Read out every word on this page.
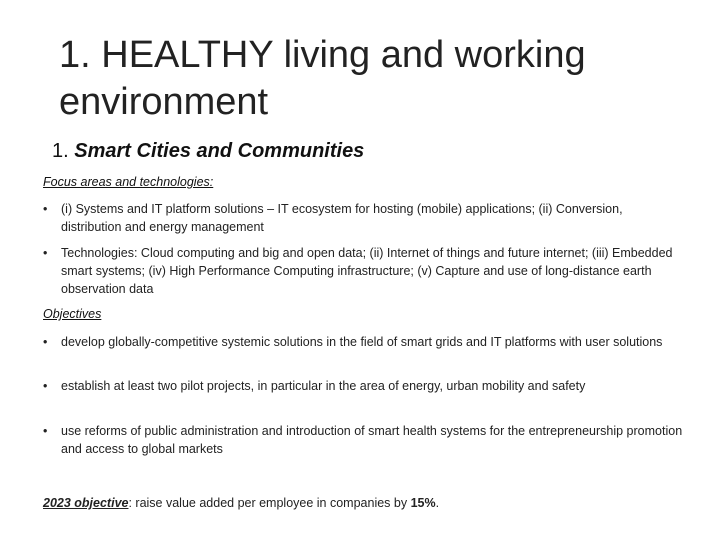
1. HEALTHY living and working environment
1. Smart Cities and Communities
Focus areas and technologies:
•	(i) Systems and IT platform solutions – IT ecosystem for hosting (mobile) applications; (ii) Conversion, distribution and energy management
•	Technologies: Cloud computing and big and open data; (ii) Internet of things and future internet; (iii) Embedded smart systems; (iv) High Performance Computing infrastructure; (v) Capture and use of long-distance earth observation data
Objectives
•	develop globally-competitive systemic solutions in the field of smart grids and IT platforms with user solutions
•	establish at least two pilot projects, in particular in the area of energy, urban mobility and safety
•	use reforms of public administration and introduction of smart health systems for the entrepreneurship promotion and access to global markets
2023 objective: raise value added per employee in companies by 15%.
